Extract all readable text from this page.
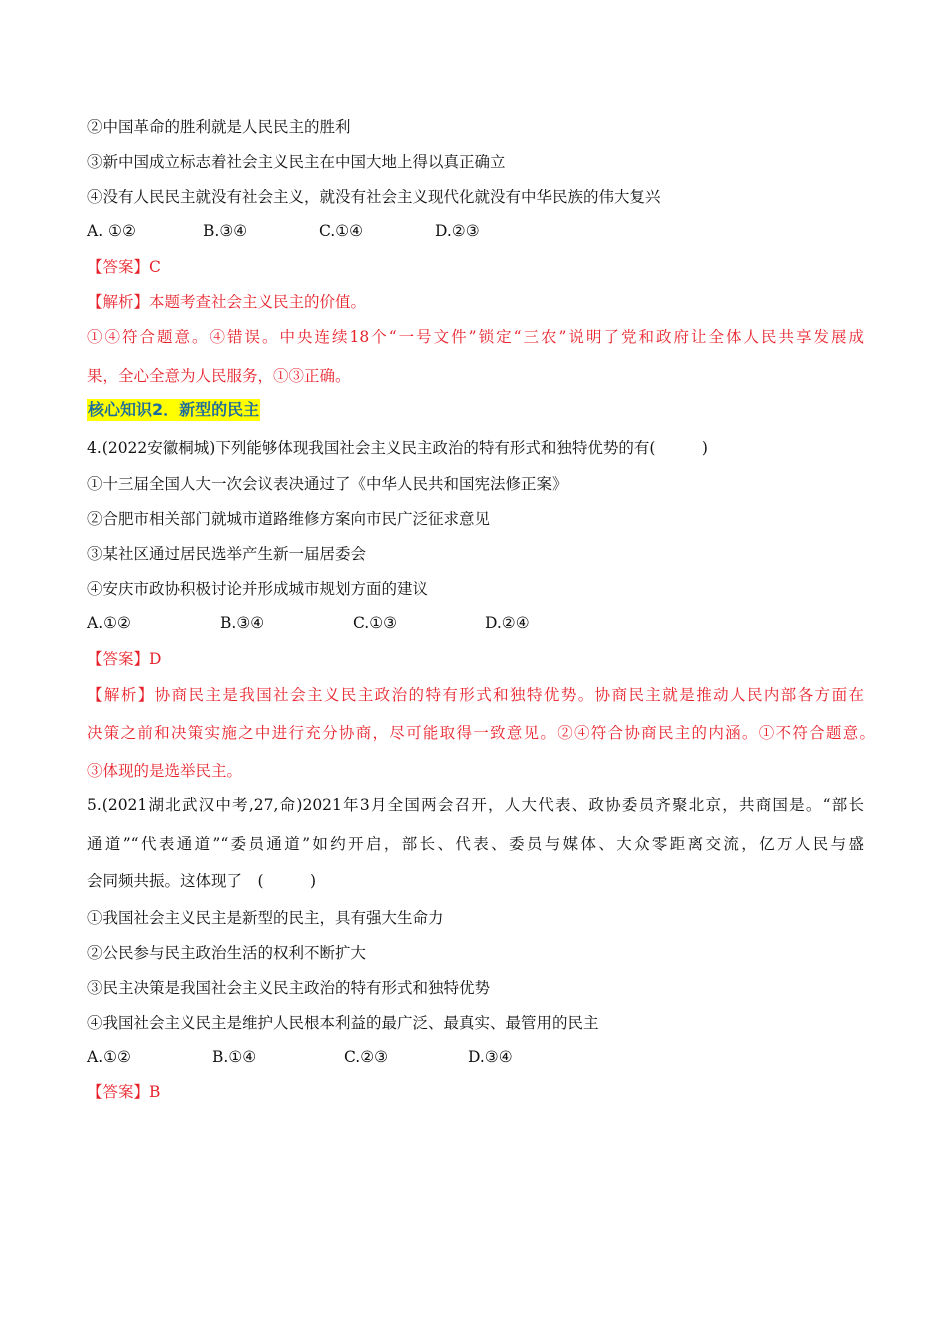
②中国革命的胜利就是人民民主的胜利
③新中国成立标志着社会主义民主在中国大地上得以真正确立
④没有人民民主就没有社会主义，就没有社会主义现代化就没有中华民族的伟大复兴
A. ①②	B.③④	C.①④	D.②③
【答案】C
【解析】本题考查社会主义民主的价值。
①④符合题意。④错误。中央连续18个“一号文件”锁定“三农”说明了党和政府让全体人民共享发展成
果，全心全意为人民服务，①③正确。
核心知识2．新型的民主
4.(2022安徽桐城)下列能够体现我国社会主义民主政治的特有形式和独特优势的有(　　　)
①十三届全国人大一次会议表决通过了《中华人民共和国宪法修正案》
②合肥市相关部门就城市道路维修方案向市民广泛征求意见
③某社区通过居民选举产生新一届居委会
④安庆市政协积极讨论并形成城市规划方面的建议
A.①②	B.③④	C.①③	D.②④
【答案】D
【解析】协商民主是我国社会主义民主政治的特有形式和独特优势。协商民主就是推动人民内部各方面在
决策之前和决策实施之中进行充分协商，尽可能取得一致意见。②④符合协商民主的内涵。①不符合题意。
③体现的是选举民主。
5.(2021湖北武汉中考,27,命)2021年3月全国两会召开，人大代表、政协委员齐聚北京，共商国是。“部长
通道”“代表通道”“委员通道”如约开启，部长、代表、委员与媒体、大众零距离交流，亿万人民与盛
会同频共振。这体现了　(　　　)
①我国社会主义民主是新型的民主，具有强大生命力
②公民参与民主政治生活的权利不断扩大
③民主决策是我国社会主义民主政治的特有形式和独特优势
④我国社会主义民主是维护人民根本利益的最广泛、最真实、最管用的民主
A.①②	B.①④	C.②③	D.③④
【答案】B
